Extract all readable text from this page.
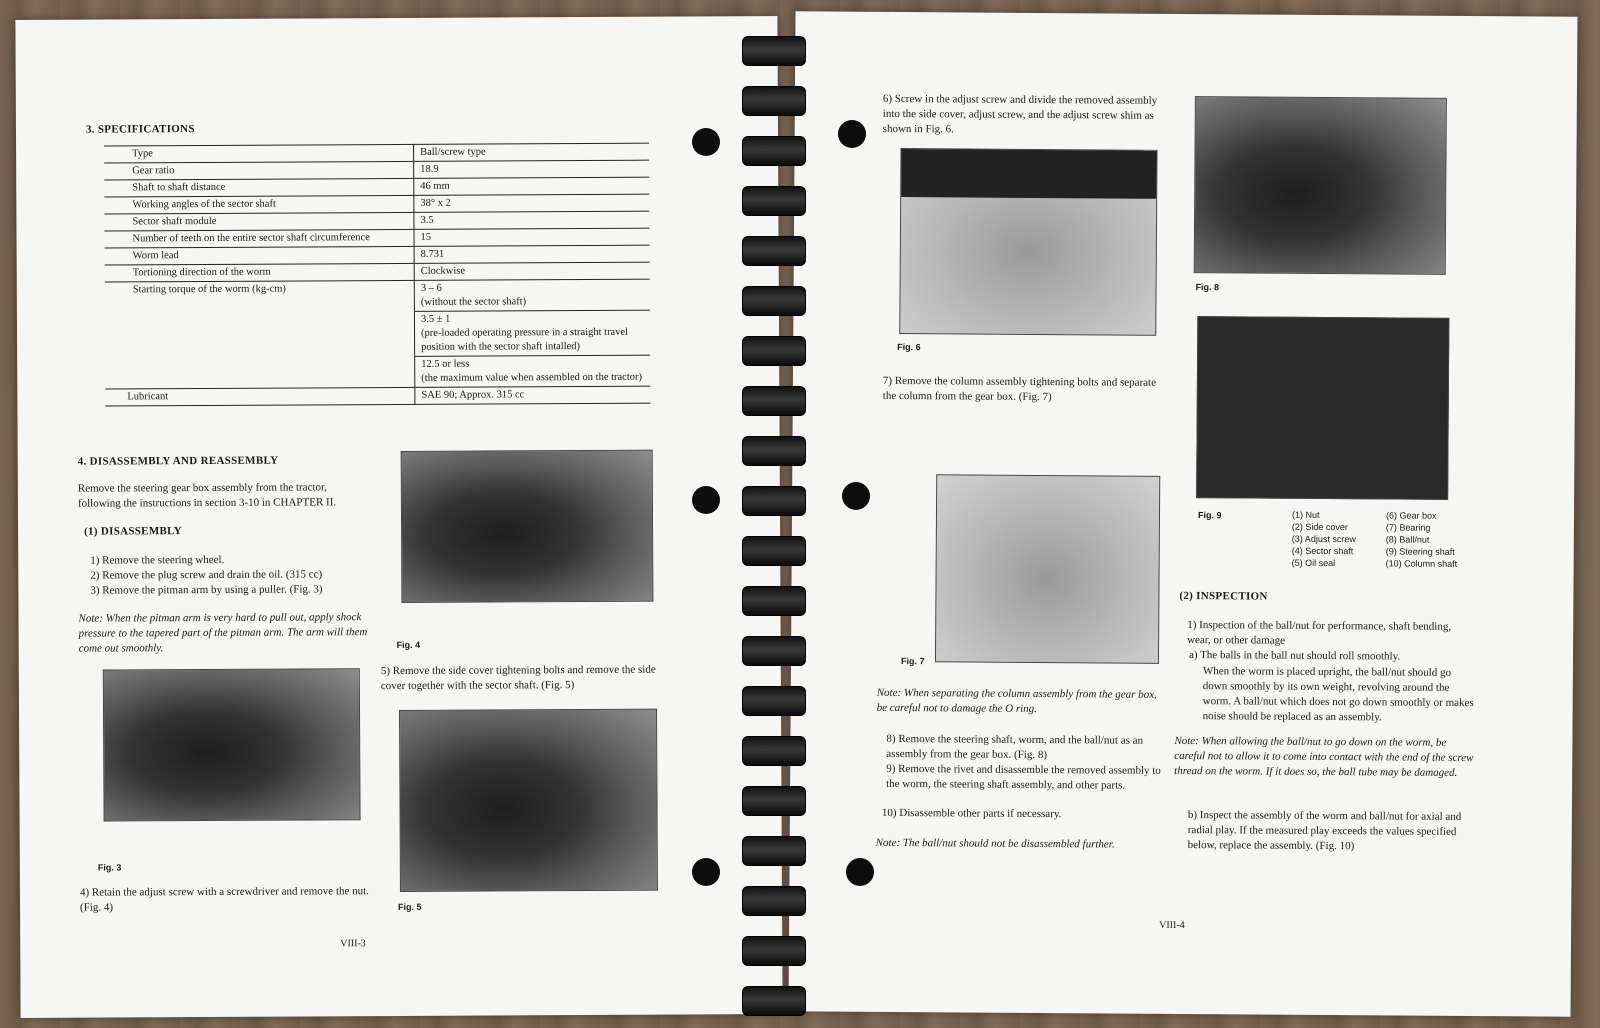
3. SPECIFICATIONS
Type	Ball/screw type
Gear ratio	18.9
Shaft to shaft distance	46 mm
Working angles of the sector shaft	38° x 2
Sector shaft module	3.5
Number of teeth on the entire sector shaft circumference	15
Worm lead	8.731
Tortioning direction of the worm	Clockwise
Starting torque of the worm (kg-cm)	3 – 6
(without the sector shaft)
	3.5 ± 1
(pre-loaded operating pressure in a straight travel position with the sector shaft intalled)
	12.5 or less
(the maximum value when assembled on the tractor)
Lubricant	SAE 90; Approx. 315 cc
4. DISASSEMBLY AND REASSEMBLY
Remove the steering gear box assembly from the tractor, following the instructions in section 3-10 in CHAPTER II.
(1) DISASSEMBLY
1) Remove the steering wheel.
2) Remove the plug screw and drain the oil. (315 cc)
3) Remove the pitman arm by using a puller. (Fig. 3)
Note: When the pitman arm is very hard to pull out, apply shock pressure to the tapered part of the pitman arm. The arm will them come out smoothly.
Fig. 3
4) Retain the adjust screw with a screwdriver and remove the nut. (Fig. 4)
Fig. 4
5) Remove the side cover tightening bolts and remove the side cover together with the sector shaft. (Fig. 5)
Fig. 5
VIII-3
6) Screw in the adjust screw and divide the removed assembly into the side cover, adjust screw, and the adjust screw shim as shown in Fig. 6.
Fig. 6
7) Remove the column assembly tightening bolts and separate the column from the gear box. (Fig. 7)
Fig. 7
Note: When separating the column assembly from the gear box, be careful not to damage the O ring.
8) Remove the steering shaft, worm, and the ball/nut as an assembly from the gear box. (Fig. 8)
9) Remove the rivet and disassemble the removed assembly to the worm, the steering shaft assembly, and other parts.
10) Disassemble other parts if necessary.
Note: The ball/nut should not be disassembled further.
Fig. 8
Fig. 9	(1) Nut
(2) Side cover
(3) Adjust screw
(4) Sector shaft
(5) Oil seal
(6) Gear box
(7) Bearing
(8) Ball/nut
(9) Steering shaft
(10) Column shaft
(2) INSPECTION
1) Inspection of the ball/nut for performance, shaft bending, wear, or other damage
a) The balls in the ball nut should roll smoothly.
When the worm is placed upright, the ball/nut should go down smoothly by its own weight, revolving around the worm. A ball/nut which does not go down smoothly or makes noise should be replaced as an assembly.
Note: When allowing the ball/nut to go down on the worm, be careful not to allow it to come into contact with the end of the screw thread on the worm. If it does so, the ball tube may be damaged.
b) Inspect the assembly of the worm and ball/nut for axial and radial play. If the measured play exceeds the values specified below, replace the assembly. (Fig. 10)
VIII-4
